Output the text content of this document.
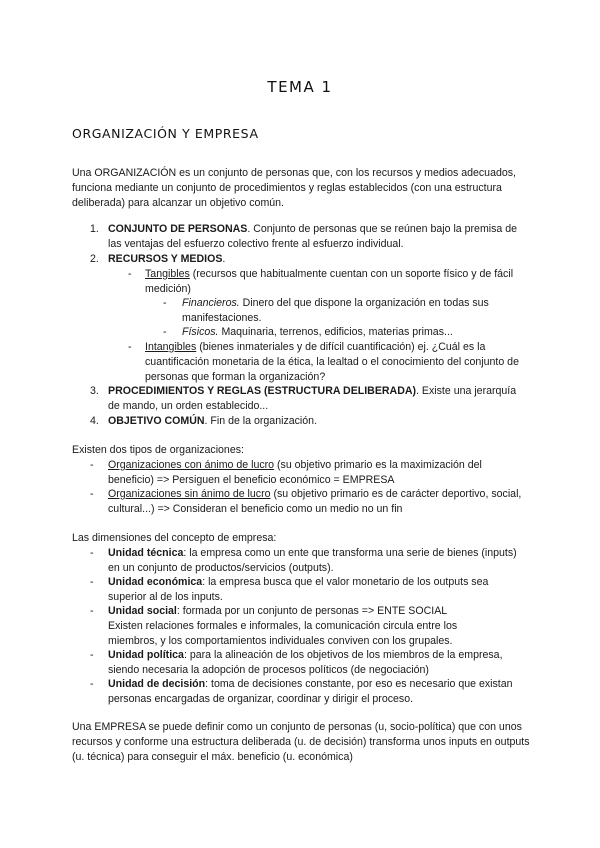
TEMA 1
ORGANIZACIÓN Y EMPRESA
Una ORGANIZACIÓN es un conjunto de personas que, con los recursos y medios adecuados, funciona mediante un conjunto de procedimientos y reglas establecidos (con una estructura deliberada) para alcanzar un objetivo común.
1. CONJUNTO DE PERSONAS. Conjunto de personas que se reúnen bajo la premisa de las ventajas del esfuerzo colectivo frente al esfuerzo individual.
2. RECURSOS Y MEDIOS.
- Tangibles (recursos que habitualmente cuentan con un soporte físico y de fácil medición)
- Financieros. Dinero del que dispone la organización en todas sus manifestaciones.
- Físicos. Maquinaria, terrenos, edificios, materias primas...
- Intangibles (bienes inmateriales y de difícil cuantificación) ej. ¿Cuál es la cuantificación monetaria de la ética, la lealtad o el conocimiento del conjunto de personas que forman la organización?
3. PROCEDIMIENTOS Y REGLAS (ESTRUCTURA DELIBERADA). Existe una jerarquía de mando, un orden establecido...
4. OBJETIVO COMÚN. Fin de la organización.
Existen dos tipos de organizaciones:
- Organizaciones con ánimo de lucro (su objetivo primario es la maximización del beneficio) => Persiguen el beneficio económico = EMPRESA
- Organizaciones sin ánimo de lucro (su objetivo primario es de carácter deportivo, social, cultural...) => Consideran el beneficio como un medio no un fin
Las dimensiones del concepto de empresa:
- Unidad técnica: la empresa como un ente que transforma una serie de bienes (inputs) en un conjunto de productos/servicios (outputs).
- Unidad económica: la empresa busca que el valor monetario de los outputs sea superior al de los inputs.
- Unidad social: formada por un conjunto de personas => ENTE SOCIAL
Existen relaciones formales e informales, la comunicación circula entre los miembros, y los comportamientos individuales conviven con los grupales.
- Unidad política: para la alineación de los objetivos de los miembros de la empresa, siendo necesaria la adopción de procesos políticos (de negociación)
- Unidad de decisión: toma de decisiones constante, por eso es necesario que existan personas encargadas de organizar, coordinar y dirigir el proceso.
Una EMPRESA se puede definir como un conjunto de personas (u, socio-política) que con unos recursos y conforme una estructura deliberada (u. de decisión) transforma unos inputs en outputs (u. técnica) para conseguir el máx. beneficio (u. económica)
